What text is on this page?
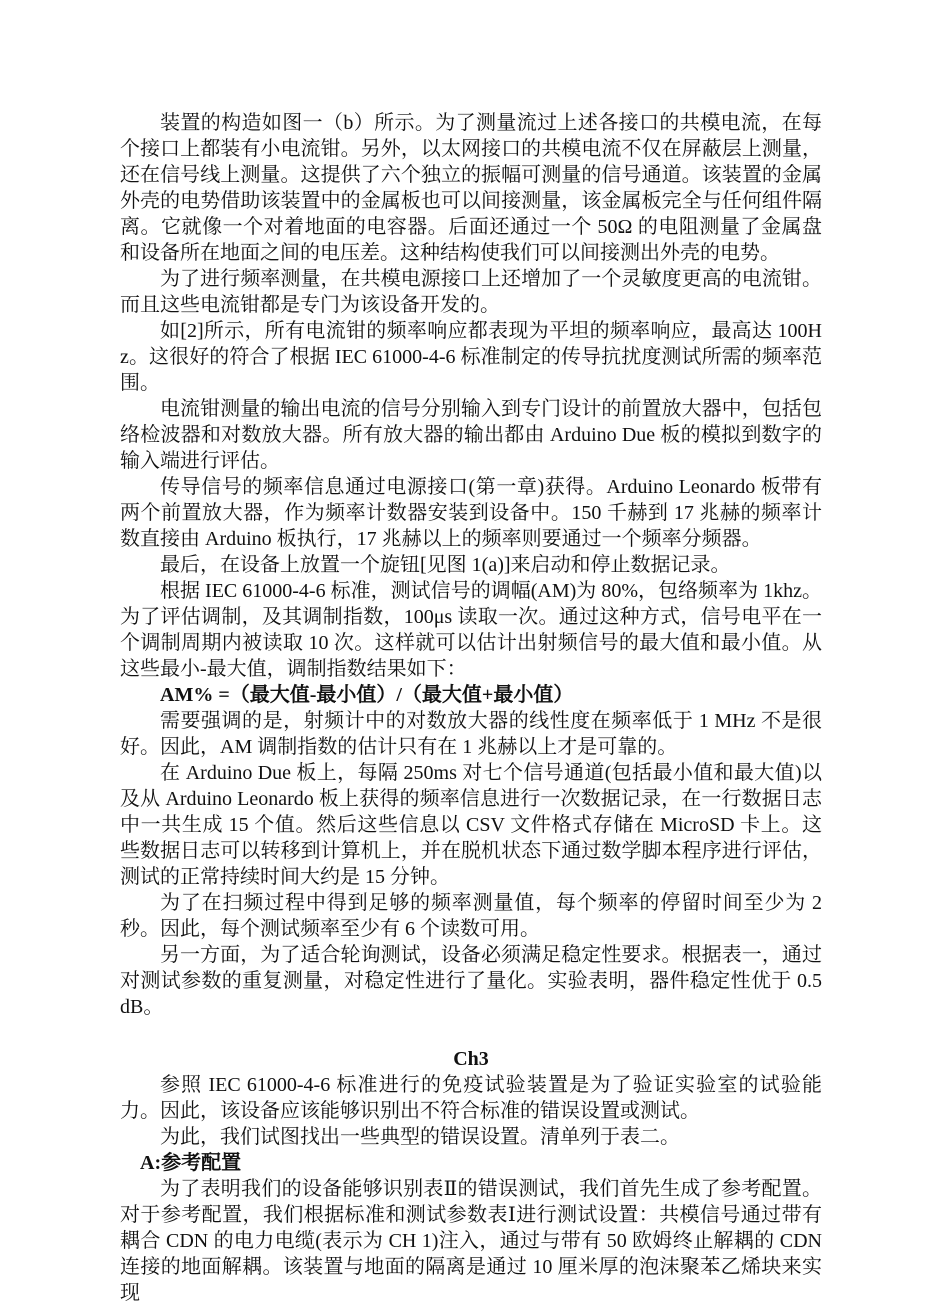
装置的构造如图一（b）所示。为了测量流过上述各接口的共模电流，在每个接口上都装有小电流钳。另外，以太网接口的共模电流不仅在屏蔽层上测量，还在信号线上测量。这提供了六个独立的振幅可测量的信号通道。该装置的金属外壳的电势借助该装置中的金属板也可以间接测量，该金属板完全与任何组件隔离。它就像一个对着地面的电容器。后面还通过一个 50Ω 的电阻测量了金属盘和设备所在地面之间的电压差。这种结构使我们可以间接测出外壳的电势。

为了进行频率测量，在共模电源接口上还增加了一个灵敏度更高的电流钳。而且这些电流钳都是专门为该设备开发的。

如[2]所示，所有电流钳的频率响应都表现为平坦的频率响应，最高达 100Hz。这很好的符合了根据 IEC 61000-4-6 标准制定的传导抗扰度测试所需的频率范围。

电流钳测量的输出电流的信号分别输入到专门设计的前置放大器中，包括包络检波器和对数放大器。所有放大器的输出都由 Arduino Due 板的模拟到数字的输入端进行评估。

传导信号的频率信息通过电源接口(第一章)获得。Arduino Leonardo 板带有两个前置放大器，作为频率计数器安装到设备中。150 千赫到 17 兆赫的频率计数直接由 Arduino 板执行，17 兆赫以上的频率则要通过一个频率分频器。

最后，在设备上放置一个旋钮[见图 1(a)]来启动和停止数据记录。

根据 IEC 61000-4-6 标准，测试信号的调幅(AM)为 80%，包络频率为 1khz。为了评估调制，及其调制指数，100μs 读取一次。通过这种方式，信号电平在一个调制周期内被读取 10 次。这样就可以估计出射频信号的最大值和最小值。从这些最小-最大值，调制指数结果如下：

AM% =（最大值-最小值）/（最大值+最小值）

需要强调的是，射频计中的对数放大器的线性度在频率低于 1 MHz 不是很好。因此，AM 调制指数的估计只有在 1 兆赫以上才是可靠的。

在 Arduino Due 板上，每隔 250ms 对七个信号通道(包括最小值和最大值)以及从 Arduino Leonardo 板上获得的频率信息进行一次数据记录，在一行数据日志中一共生成 15 个值。然后这些信息以 CSV 文件格式存储在 MicroSD 卡上。这些数据日志可以转移到计算机上，并在脱机状态下通过数学脚本程序进行评估，测试的正常持续时间大约是 15 分钟。

为了在扫频过程中得到足够的频率测量值，每个频率的停留时间至少为 2 秒。因此，每个测试频率至少有 6 个读数可用。

另一方面，为了适合轮询测试，设备必须满足稳定性要求。根据表一，通过对测试参数的重复测量，对稳定性进行了量化。实验表明，器件稳定性优于 0.5 dB。

Ch3

参照 IEC 61000-4-6 标准进行的免疫试验装置是为了验证实验室的试验能力。因此，该设备应该能够识别出不符合标准的错误设置或测试。

为此，我们试图找出一些典型的错误设置。清单列于表二。

A:参考配置

为了表明我们的设备能够识别表Ⅱ的错误测试，我们首先生成了参考配置。对于参考配置，我们根据标准和测试参数表Ⅰ进行测试设置：共模信号通过带有耦合 CDN 的电力电缆(表示为 CH 1)注入，通过与带有 50 欧姆终止解耦的 CDN 连接的地面解耦。该装置与地面的隔离是通过 10 厘米厚的泡沫聚苯乙烯块来实现
